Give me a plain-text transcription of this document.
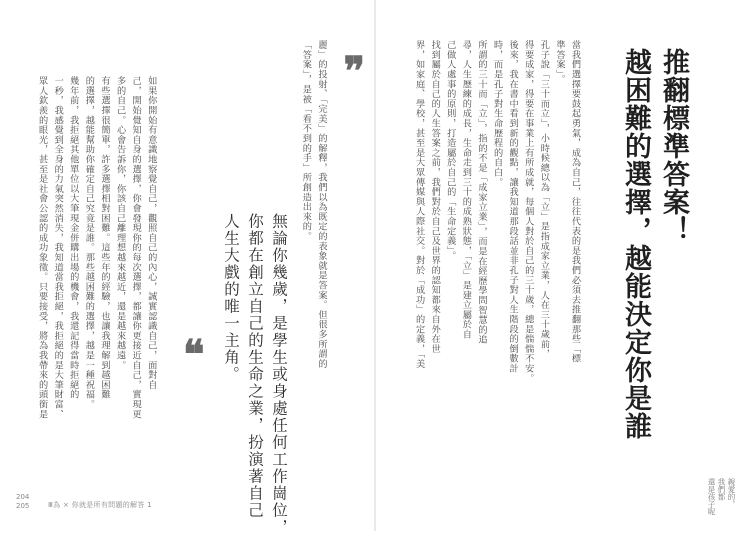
麗」的投射、「完美」的解釋，我們以為既定的表象就是答案。但很多所謂的
「答案」，是被「看不到的手」所創造出來的。 ❞

無論你幾歲，是學生或身處任何工作崗位，
你都在創立自己的生命之業，扮演著自己
人生大戲的唯一主角。

❝
如果你開始有意識地察覺自己，觀照自己的內心，誠實認識自己，面對自
己，開始覺知自身的選擇，你會發現你的每次選擇，都讓你更接近自己，實現更
多的自己。心會告訴你，你該自己離理想越來越近，還是越來越遠。
有些選擇很簡單，許多選擇相對困難。這些年的經驗，也讓我理解到越困難
的選擇，越能幫助你確定自己究竟是誰。那些越困難的選擇，越是一種祝福。
幾年前，我拒絕其他單位以大筆現金併購出場的機會，我還記得當時拒絕的
一秒，我感覺到全身的力氣突然消失，我知道當我拒絕，我拒絕的是大筆財富、
眾人欽羨的眼光，甚至是社會公認的成功象徵。只要接受，將為我帶來的頭銜是
204
205	Ⅲ為 × 你就是所有問題的解答 1
推翻標準答案！
越困難的選擇，越能決定你是誰
當我們選擇要鼓起勇氣，成為自己，往往代表的是我們必須去推翻那些「標
準答案」。
孔子說「三十而立」，小時候總以為「立」是指成家立業，人在三十歲前，
得要成家，得要在事業上有所成就，每個人對於自己的三十歲，總是惴惴不安。
後來，我在書中看到新的觀點，讓我知道那段話並非孔子對人生階段的倒數計
時，而是孔子對生命歷程的自白。
所謂的三十而「立」，指的不是「成家立業」，而是在經歷學問智慧的追
尋，人生歷練的成長，生命走到三十的成熟狀態，「立」是建立屬於自
己做人處事的原則，打造屬於自己的「生命定義」。
找到屬於自己的人生答案之前，我們對於自己及世界的認知都來自外在世
界，如家庭、學校，甚至是大眾傳媒與人際社交。對於「成功」的定義，「美
親愛的，
我們都
還是孩子呢
